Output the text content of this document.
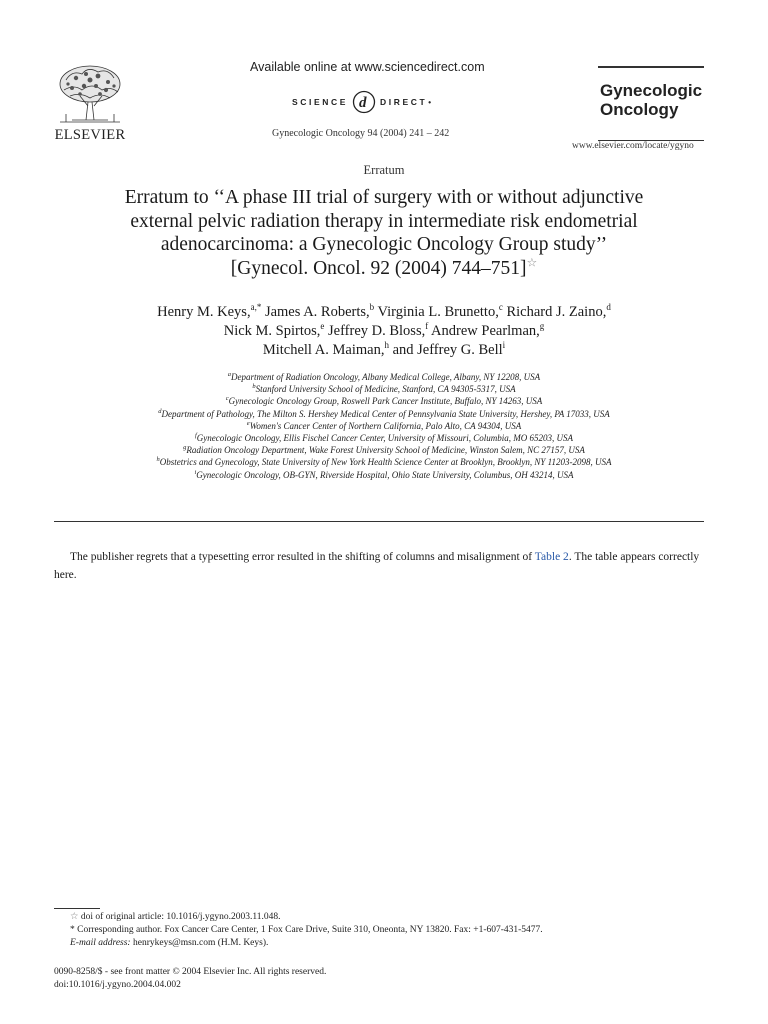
ELSEVIER
Available online at www.sciencedirect.com
SCIENCE d DIRECT •
Gynecologic Oncology 94 (2004) 241 – 242
Gynecologic
Oncology
www.elsevier.com/locate/ygyno
Erratum
Erratum to ‘‘A phase III trial of surgery with or without adjunctive
external pelvic radiation therapy in intermediate risk endometrial
adenocarcinoma: a Gynecologic Oncology Group study’’
[Gynecol. Oncol. 92 (2004) 744–751]☆
Henry M. Keys,$^{a,*}$ James A. Roberts,$^b$ Virginia L. Brunetto,$^c$ Richard J. Zaino,$^d$
Nick M. Spirtos,$^e$ Jeffrey D. Bloss,$^f$ Andrew Pearlman,$^g$
Mitchell A. Maiman,$^h$ and Jeffrey G. Bell$^i$
$^a$Department of Radiation Oncology, Albany Medical College, Albany, NY 12208, USA
$^b$Stanford University School of Medicine, Stanford, CA 94305-5317, USA
$^c$Gynecologic Oncology Group, Roswell Park Cancer Institute, Buffalo, NY 14263, USA
$^d$Department of Pathology, The Milton S. Hershey Medical Center of Pennsylvania State University, Hershey, PA 17033, USA
$^e$Women's Cancer Center of Northern California, Palo Alto, CA 94304, USA
$^f$Gynecologic Oncology, Ellis Fischel Cancer Center, University of Missouri, Columbia, MO 65203, USA
$^g$Radiation Oncology Department, Wake Forest University School of Medicine, Winston Salem, NC 27157, USA
$^h$Obstetrics and Gynecology, State University of New York Health Science Center at Brooklyn, Brooklyn, NY 11203-2098, USA
$^i$Gynecologic Oncology, OB-GYN, Riverside Hospital, Ohio State University, Columbus, OH 43214, USA
The publisher regrets that a typesetting error resulted in the shifting of columns and misalignment of Table 2. The table appears correctly here.
☆ doi of original article: 10.1016/j.ygyno.2003.11.048.
* Corresponding author. Fox Cancer Care Center, 1 Fox Care Drive, Suite 310, Oneonta, NY 13820. Fax: +1-607-431-5477.
E-mail address: henrykeys@msn.com (H.M. Keys).
0090-8258/$ - see front matter © 2004 Elsevier Inc. All rights reserved.
doi:10.1016/j.ygyno.2004.04.002
